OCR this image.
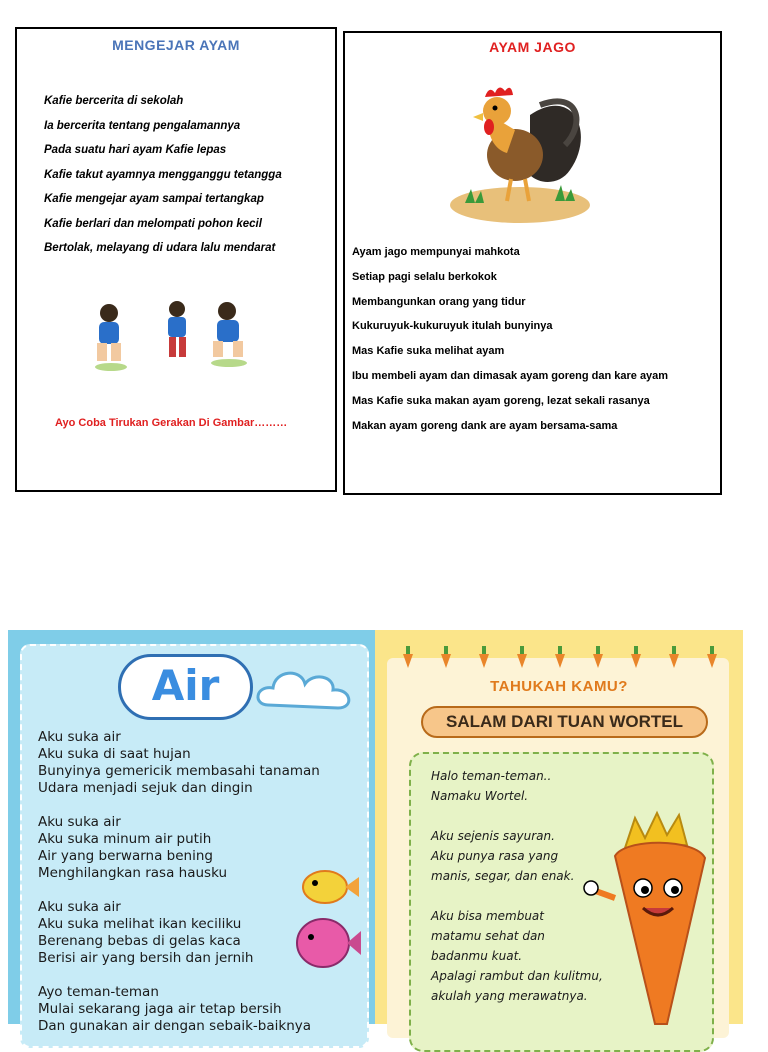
MENGEJAR AYAM
Kafie bercerita di sekolah
Ia bercerita tentang pengalamannya
Pada suatu hari ayam Kafie lepas
Kafie takut ayamnya mengganggu tetangga
Kafie mengejar ayam sampai tertangkap
Kafie berlari dan melompati pohon kecil
Bertolak, melayang di udara lalu mendarat
Ayo Coba Tirukan Gerakan Di Gambar………
AYAM JAGO
Ayam jago mempunyai mahkota
Setiap pagi selalu berkokok
Membangunkan orang yang tidur
Kukuruyuk-kukuruyuk itulah bunyinya
Mas Kafie suka melihat ayam
Ibu membeli ayam dan dimasak ayam goreng dan kare ayam
Mas Kafie suka makan ayam goreng, lezat sekali rasanya
Makan ayam goreng dank are ayam bersama-sama
Air
Aku suka air
Aku suka di saat hujan
Bunyinya gemericik membasahi tanaman
Udara menjadi sejuk dan dingin
Aku suka air
Aku suka minum air putih
Air yang berwarna bening
Menghilangkan rasa hausku
Aku suka air
Aku suka melihat ikan keciliku
Berenang bebas di gelas kaca
Berisi air yang bersih dan jernih
Ayo teman-teman
Mulai sekarang jaga air tetap bersih
Dan gunakan air dengan sebaik-baiknya
TAHUKAH KAMU?
SALAM DARI TUAN WORTEL
Halo teman-teman..
Namaku Wortel.
Aku sejenis sayuran.
Aku punya rasa yang
manis, segar, dan enak.
Aku bisa membuat
matamu sehat dan
badanmu kuat.
Apalagi rambut dan kulitmu,
akulah yang merawatnya.
